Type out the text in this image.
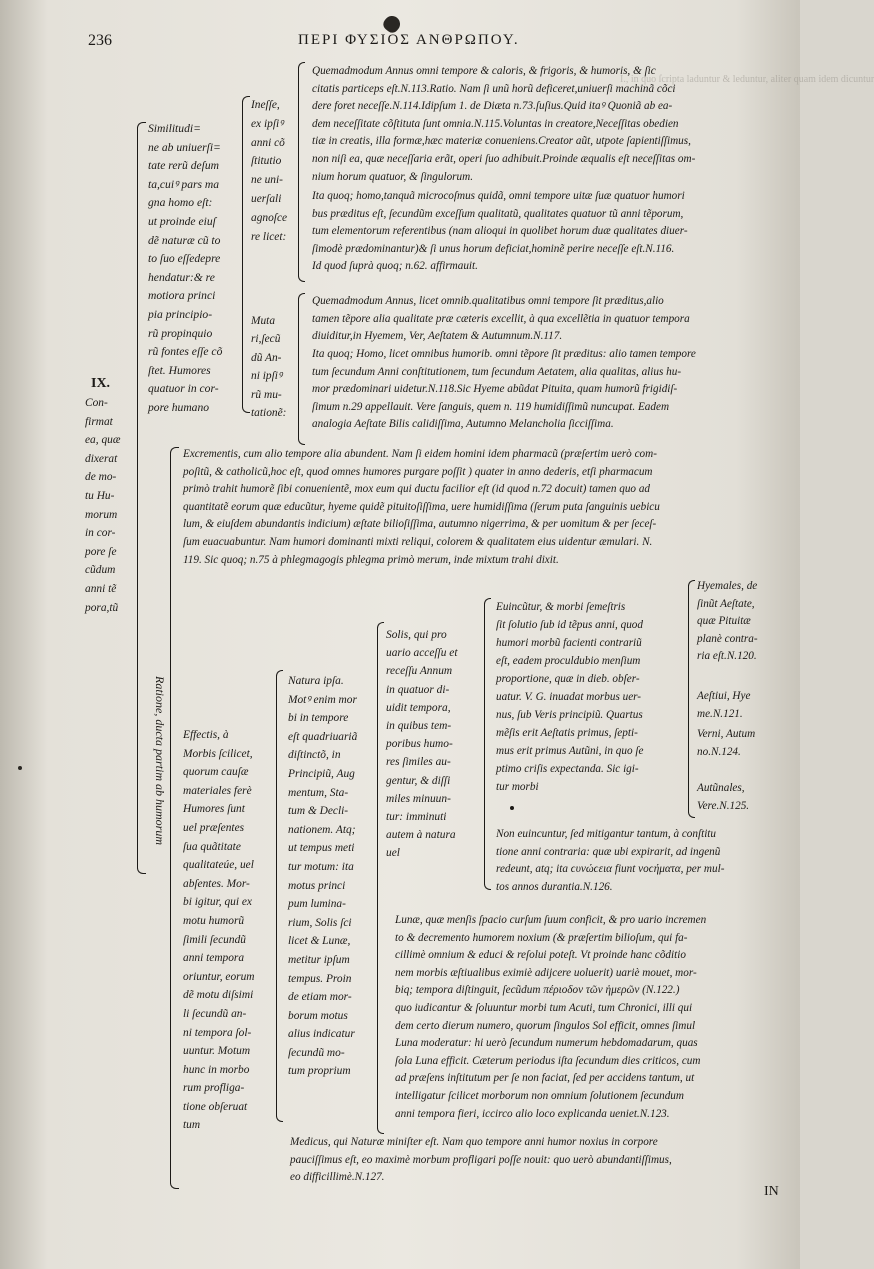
236	ΠΕΡΙ ΦΥΣΙΟΣ ΑΝΘΡΩΠΟΥ.
I., in quo ſcripta laduntur & leduntur, aliter quam idem dicuntur
IX.
Con-
firmat
ea, quæ
dixerat
de mo-
tu Hu-
morum
in cor-
pore ſe
cũdum
anni tẽ
pora,tũ
Similitudi=
ne ab uniuerſi=
tate rerũ deſum
ta,cuiꝰ pars ma
gna homo eſt:
ut proinde eiuſ
dẽ naturæ cũ to
to ſuo eſſedepre
hendatur:& re
motiora princi
pia principio-
rũ propinquio
rũ fontes eſſe cõ
ſtet. Humores
quatuor in cor-
pore humano
Ineſſe,
ex ipſiꝰ
anni cõ
ſtitutio
ne uni-
uerſali
agnoſce
re licet:
Muta
ri,ſecũ
dũ An-
ni ipſiꝰ
rũ mu-
tationẽ:
Quemadmodum Annus omni tempore & caloris, & frigoris, & humoris, & ſic
citatis particeps eſt.N.113.Ratio. Nam ſi unũ horũ deficeret,uniuerſi machinã cõci
dere foret neceſſe.N.114.Idipſum 1. de Diæta n.73.ſuſius.Quid itaꝰ Quoniã ab ea-
dem neceſſitate cõſtituta ſunt omnia.N.115.Voluntas in creatore,Neceſſitas obedien
tiæ in creatis, illa formæ,hæc materiæ conueniens.Creator aũt, utpote ſapientiſſimus,
non niſi ea, quæ neceſſaria erãt, operi ſuo adhibuit.Proinde æqualis eſt neceſſitas om-
nium horum quatuor, & ſingulorum.
Ita quoq; homo,tanquã microcoſmus quidã, omni tempore uitæ ſuæ quatuor humori
bus præditus eſt, ſecundũm exceſſum qualitatũ, qualitates quatuor tũ anni tẽporum,
tum elementorum referentibus (nam alioqui in quolibet horum duæ qualitates diuer-
ſimodè prædominantur)& ſi unus horum deficiat,hominẽ perire neceſſe eſt.N.116.
Id quod ſuprà quoq; n.62. affirmauit.
Quemadmodum Annus, licet omnib.qualitatibus omni tempore ſit præditus,alio
tamen tẽpore alia qualitate præ cæteris excellit, à qua excellẽtia in quatuor tempora
diuiditur,in Hyemem, Ver, Aeſtatem & Autumnum.N.117.
Ita quoq; Homo, licet omnibus humorib. omni tẽpore ſit præditus: alio tamen tempore
tum ſecundum Anni conſtitutionem, tum ſecundum Aetatem, alia qualitas, alius hu-
mor prædominari uidetur.N.118.Sic Hyeme abũdat Pituita, quam humorũ frigidiſ-
ſimum n.29 appellauit. Vere ſanguis, quem n. 119 humidiſſimũ nuncupat. Eadem
analogia Aeſtate Bilis calidiſſima, Autumno Melancholia ſicciſſima.
Ratione, ducta partim ab humorum
Excrementis, cum alio tempore alia abundent. Nam ſi eidem homini idem pharmacũ (præſertim uerò com-
poſitũ, & catholicũ,hoc eſt, quod omnes humores purgare poſſit ) quater in anno dederis, etſi pharmacum
primò trahit humorẽ ſibi conuenientẽ, mox eum qui ductu facilior eſt (id quod n.72 docuit) tamen quo ad
quantitatẽ eorum quæ educũtur, hyeme quidẽ pituitoſiſſima, uere humidiſſima (ſerum puta ſanguinis uebicu
lum, & eiuſdem abundantis indicium) æſtate bilioſiſſima, autumno nigerrima, & per uomitum & per ſeceſ-
ſum euacuabuntur. Nam humori dominanti mixti reliqui, colorem & qualitatem eius uidentur æmulari. N.
119. Sic quoq; n.75 à phlegmagogis phlegma primò merum, inde mixtum trahi dixit.
Effectis, à
Morbis ſcilicet,
quorum cauſæ
materiales ferè
Humores ſunt
uel præſentes
ſua quãtitate
qualitateúe, uel
abſentes. Mor-
bi igitur, qui ex
motu humorũ
ſimili ſecundũ
anni tempora
oriuntur, eorum
dẽ motu diſsimi
li ſecundũ an-
ni tempora ſol-
uuntur. Motum
hunc in morbo
rum profliga-
tione obſeruat
tum
Natura ipſa.
Motꝰ enim mor
bi in tempore
eſt quadriuariã
diſtinctõ, in
Principiũ, Aug
mentum, Sta-
tum & Decli-
nationem. Atq;
ut tempus meti
tur motum: ita
motus princi
pum lumina-
rium, Solis ſci
licet & Lunæ,
metitur ipſum
tempus. Proin
de etiam mor-
borum motus
alius indicatur
ſecundũ mo-
tum proprium
Solis, qui pro
uario acceſſu et
receſſu Annum
in quatuor di-
uidit tempora,
in quibus tem-
poribus humo-
res ſimiles au-
gentur, & diſſi
miles minuun-
tur: imminuti
autem à natura
uel
Euincũtur, & morbi ſemeſtris
ſit ſolutio ſub id tẽpus anni, quod
humori morbũ facienti contrariũ
eſt, eadem proculdubio menſium
proportione, quæ in dieb. obſer-
uatur. V. G. inuadat morbus uer-
nus, ſub Veris principiũ. Quartus
mẽſis erit Aeſtatis primus, ſepti-
mus erit primus Autũni, in quo ſe
ptimo criſis expectanda. Sic igi-
tur morbi
Hyemales, de
ſinũt Aeſtate,
quæ Pituitæ
planè contra-
ria eſt.N.120.
Aeſtiui, Hye
me.N.121.
Verni, Autum
no.N.124.
Autũnales,
Vere.N.125.
Non euincuntur, ſed mitigantur tantum, à conſtitu
tione anni contraria: quæ ubi expirarit, ad ingenũ
redeunt, atq; ita ϲυνώϲεια fiunt νοϲήματα, per mul-
tos annos durantia.N.126.
Lunæ, quæ menſis ſpacio curſum ſuum conficit, & pro uario incremen
to & decremento humorem noxium (& præſertim bilioſum, qui fa-
cillimè omnium & educi & reſolui poteſt. Vt proinde hanc cõditio
nem morbis æſtiualibus eximiè adijcere uoluerit) uariè mouet, mor-
biq; tempora diſtinguit, ſecũdum πέριοδον τῶν ἡμερῶν (N.122.)
quo iudicantur & ſoluuntur morbi tum Acuti, tum Chronici, illi qui
dem certo dierum numero, quorum ſingulos Sol efficit, omnes ſimul
Luna moderatur: hi uerò ſecundum numerum hebdomadarum, quas
ſola Luna efficit. Cæterum periodus iſta ſecundum dies criticos, cum
ad præſens inſtitutum per ſe non faciat, ſed per accidens tantum, ut
intelligatur ſcilicet morborum non omnium ſolutionem ſecundum
anni tempora fieri, iccirco alio loco explicanda ueniet.N.123.
Medicus, qui Naturæ miniſter eſt. Nam quo tempore anni humor noxius in corpore
pauciſſimus eſt, eo maximè morbum profligari poſſe nouit: quo uerò abundantiſſimus,
eo difficillimè.N.127.
IN
